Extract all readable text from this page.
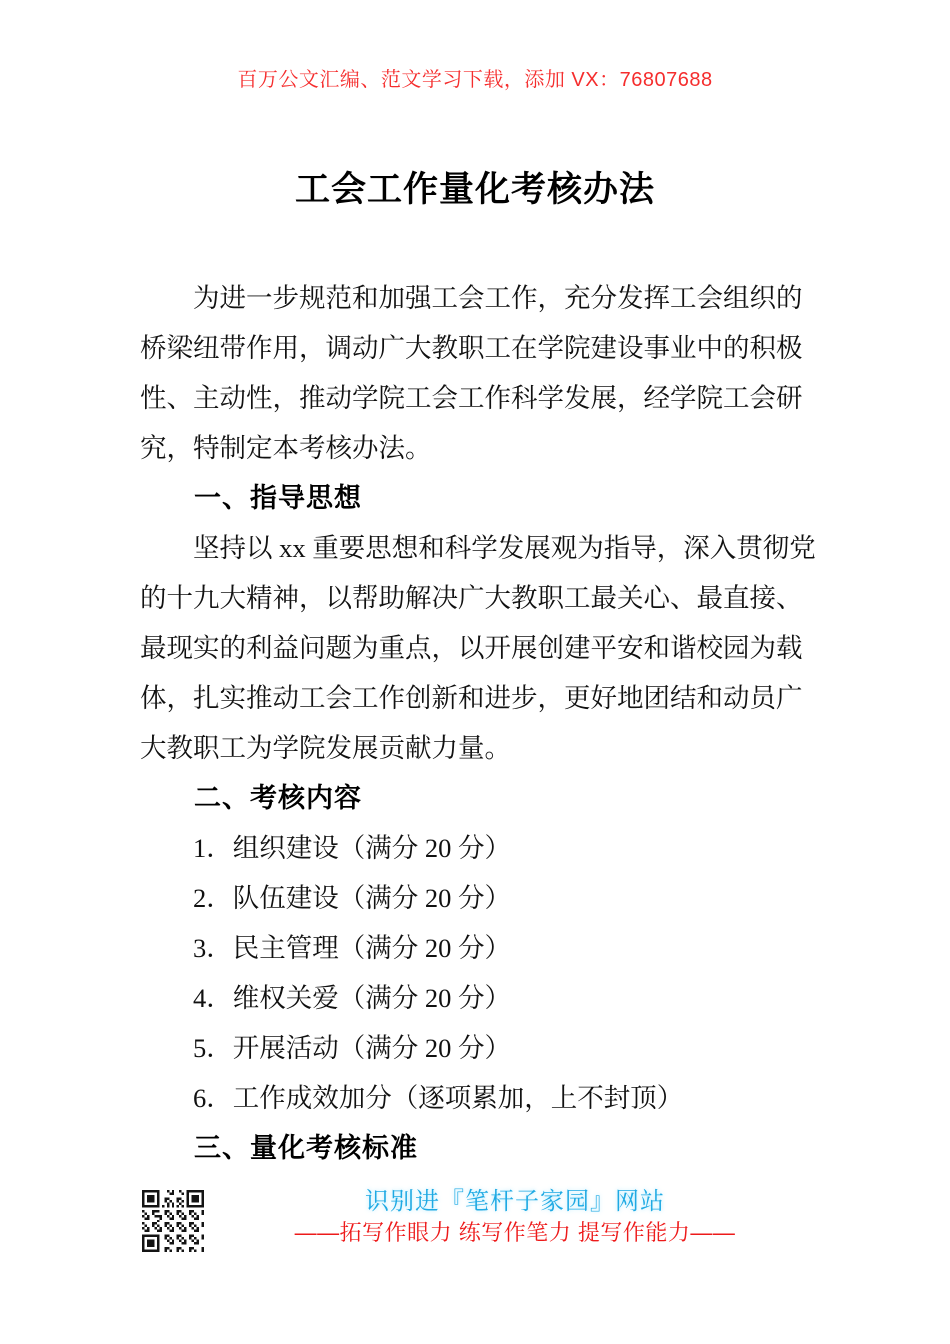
百万公文汇编、范文学习下载，添加 VX：76807688
工会工作量化考核办法

为进一步规范和加强工会工作，充分发挥工会组织的桥梁纽带作用，调动广大教职工在学院建设事业中的积极性、主动性，推动学院工会工作科学发展，经学院工会研究，特制定本考核办法。

一、指导思想

坚持以 xx 重要思想和科学发展观为指导，深入贯彻党的十九大精神，以帮助解决广大教职工最关心、最直接、最现实的利益问题为重点，以开展创建平安和谐校园为载体，扎实推动工会工作创新和进步，更好地团结和动员广大教职工为学院发展贡献力量。

二、考核内容

1．组织建设（满分 20 分）

2．队伍建设（满分 20 分）

3．民主管理（满分 20 分）

4．维权关爱（满分 20 分）

5．开展活动（满分 20 分）

6．工作成效加分（逐项累加，上不封顶）

三、量化考核标准
识别进『笔杆子家园』网站
——拓写作眼力 练写作笔力 提写作能力——
